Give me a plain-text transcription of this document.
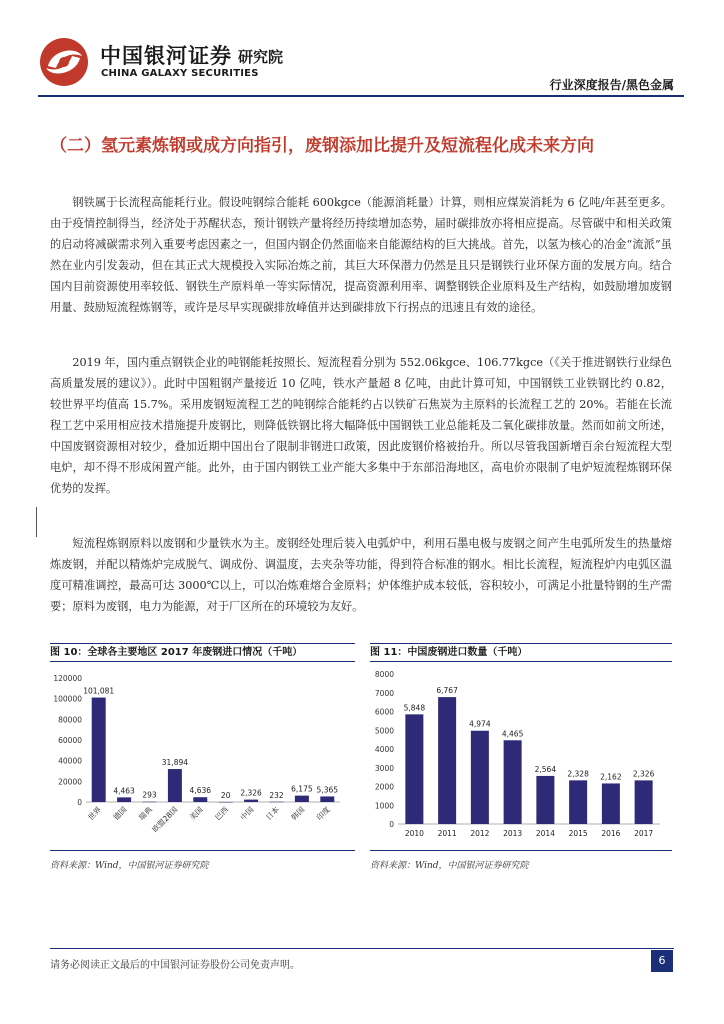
中国银河证券 研究院
CHINA GALAXY SECURITIES
行业深度报告/黑色金属
（二）氢元素炼钢或成方向指引，废钢添加比提升及短流程化成未来方向
钢铁属于长流程高能耗行业。假设吨钢综合能耗 600kgce（能源消耗量）计算，则相应煤炭消耗为 6 亿吨/年甚至更多。由于疫情控制得当，经济处于苏醒状态，预计钢铁产量将经历持续增加态势，届时碳排放亦将相应提高。尽管碳中和相关政策的启动将减碳需求列入重要考虑因素之一，但国内钢企仍然面临来自能源结构的巨大挑战。首先，以氢为核心的冶金“流派”虽然在业内引发轰动，但在其正式大规模投入实际冶炼之前，其巨大环保潜力仍然是且只是钢铁行业环保方面的发展方向。结合国内目前资源使用率较低、钢铁生产原料单一等实际情况，提高资源利用率、调整钢铁企业原料及生产结构，如鼓励增加废钢用量、鼓励短流程炼钢等，或许是尽早实现碳排放峰值并达到碳排放下行拐点的迅速且有效的途径。
2019 年，国内重点钢铁企业的吨钢能耗按照长、短流程看分别为 552.06kgce、106.77kgce（《关于推进钢铁行业绿色高质量发展的建议》）。此时中国粗钢产量接近 10 亿吨，铁水产量超 8 亿吨，由此计算可知，中国钢铁工业铁钢比约 0.82，较世界平均值高 15.7%。采用废钢短流程工艺的吨钢综合能耗约占以铁矿石焦炭为主原料的长流程工艺的 20%。若能在长流程工艺中采用相应技术措施提升废钢比，则降低铁钢比将大幅降低中国钢铁工业总能耗及二氧化碳排放量。然而如前文所述，中国废钢资源相对较少，叠加近期中国出台了限制非钢进口政策，因此废钢价格被抬升。所以尽管我国新增百余台短流程大型电炉，却不得不形成闲置产能。此外，由于国内钢铁工业产能大多集中于东部沿海地区，高电价亦限制了电炉短流程炼钢环保优势的发挥。
短流程炼钢原料以废钢和少量铁水为主。废钢经处理后装入电弧炉中，利用石墨电极与废钢之间产生电弧所发生的热量熔炼废钢，并配以精炼炉完成脱气、调成份、调温度，去夹杂等功能，得到符合标准的钢水。相比长流程，短流程炉内电弧区温度可精准调控，最高可达 3000℃以上，可以冶炼难熔合金原料；炉体维护成本较低，容积较小，可满足小批量特钢的生产需要；原料为废钢，电力为能源，对于厂区所在的环境较为友好。
图 10：全球各主要地区 2017 年废钢进口情况（千吨）	图 11：中国废钢进口数量（千吨）
0
20000
40000
60000
80000
100000
120000
101,081
世界
4,463
德国
293
瑞典
31,894
欧盟28国
4,636
美国
20
巴西
2,326
中国
232
日本
6,175
韩国
5,365
印度
0
1000
2000
3000
4000
5000
6000
7000
8000
5,848
2010
6,767
2011
4,974
2012
4,465
2013
2,564
2014
2,328
2015
2,162
2016
2,326
2017
资料来源：Wind，中国银河证券研究院	资料来源：Wind，中国银河证券研究院
请务必阅读正文最后的中国银河证券股份公司免责声明。	6
